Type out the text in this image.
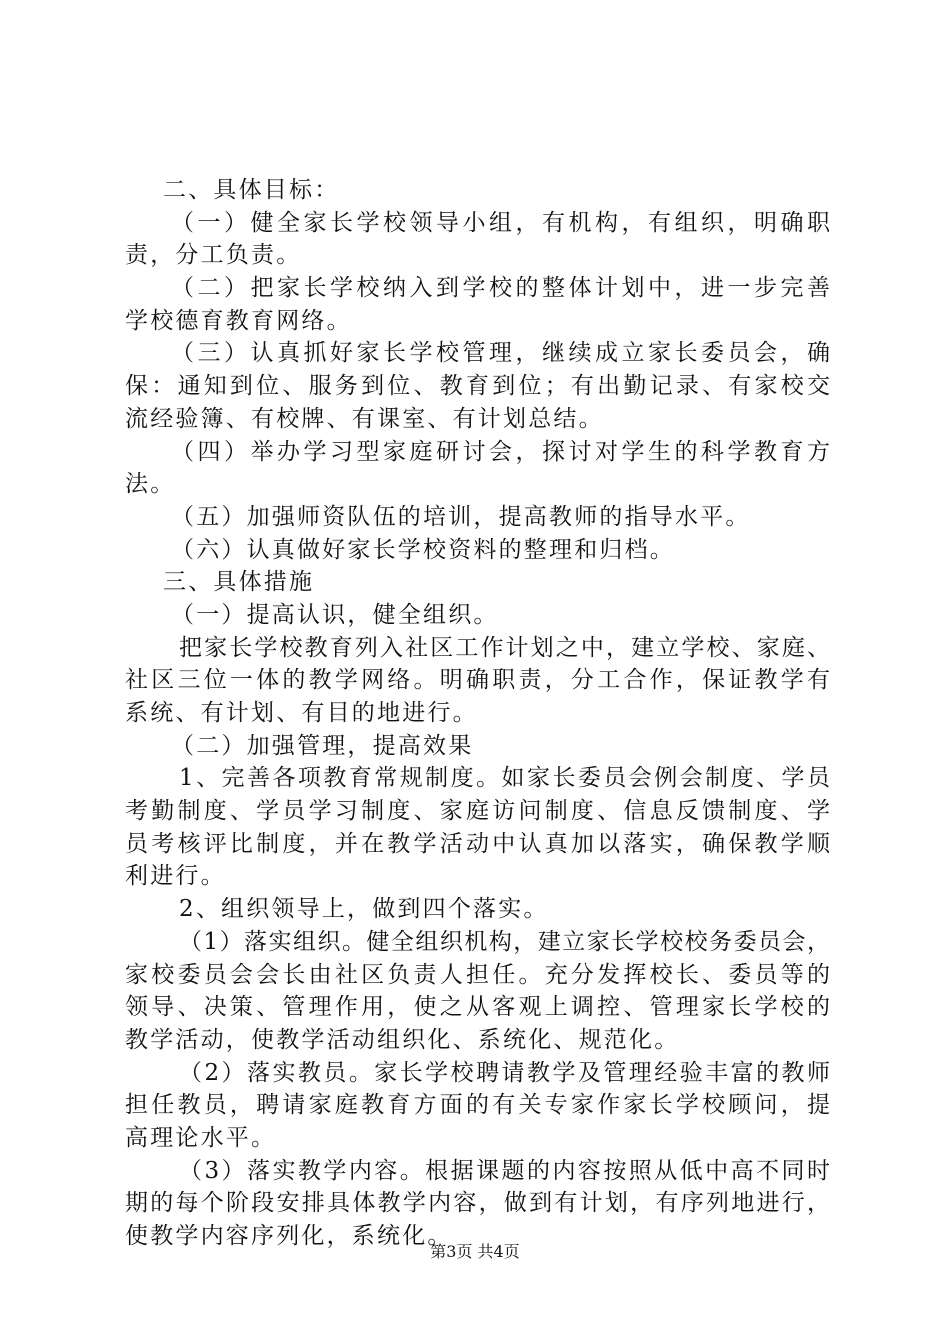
二、具体目标：
（一）健全家长学校领导小组，有机构，有组织，明确职
责，分工负责。
（二）把家长学校纳入到学校的整体计划中，进一步完善
学校德育教育网络。
（三）认真抓好家长学校管理，继续成立家长委员会，确
保：通知到位、服务到位、教育到位；有出勤记录、有家校交
流经验簿、有校牌、有课室、有计划总结。
（四）举办学习型家庭研讨会，探讨对学生的科学教育方
法。
（五）加强师资队伍的培训，提高教师的指导水平。
（六）认真做好家长学校资料的整理和归档。
三、具体措施
（一）提高认识，健全组织。
把家长学校教育列入社区工作计划之中，建立学校、家庭、
社区三位一体的教学网络。明确职责，分工合作，保证教学有
系统、有计划、有目的地进行。
（二）加强管理，提高效果
1、完善各项教育常规制度。如家长委员会例会制度、学员
考勤制度、学员学习制度、家庭访问制度、信息反馈制度、学
员考核评比制度，并在教学活动中认真加以落实，确保教学顺
利进行。
2、组织领导上，做到四个落实。
（1）落实组织。健全组织机构，建立家长学校校务委员会，
家校委员会会长由社区负责人担任。充分发挥校长、委员等的
领导、决策、管理作用，使之从客观上调控、管理家长学校的
教学活动，使教学活动组织化、系统化、规范化。
（2）落实教员。家长学校聘请教学及管理经验丰富的教师
担任教员，聘请家庭教育方面的有关专家作家长学校顾问，提
高理论水平。
（3）落实教学内容。根据课题的内容按照从低中高不同时
期的每个阶段安排具体教学内容，做到有计划，有序列地进行，
使教学内容序列化，系统化。
第3页 共4页
